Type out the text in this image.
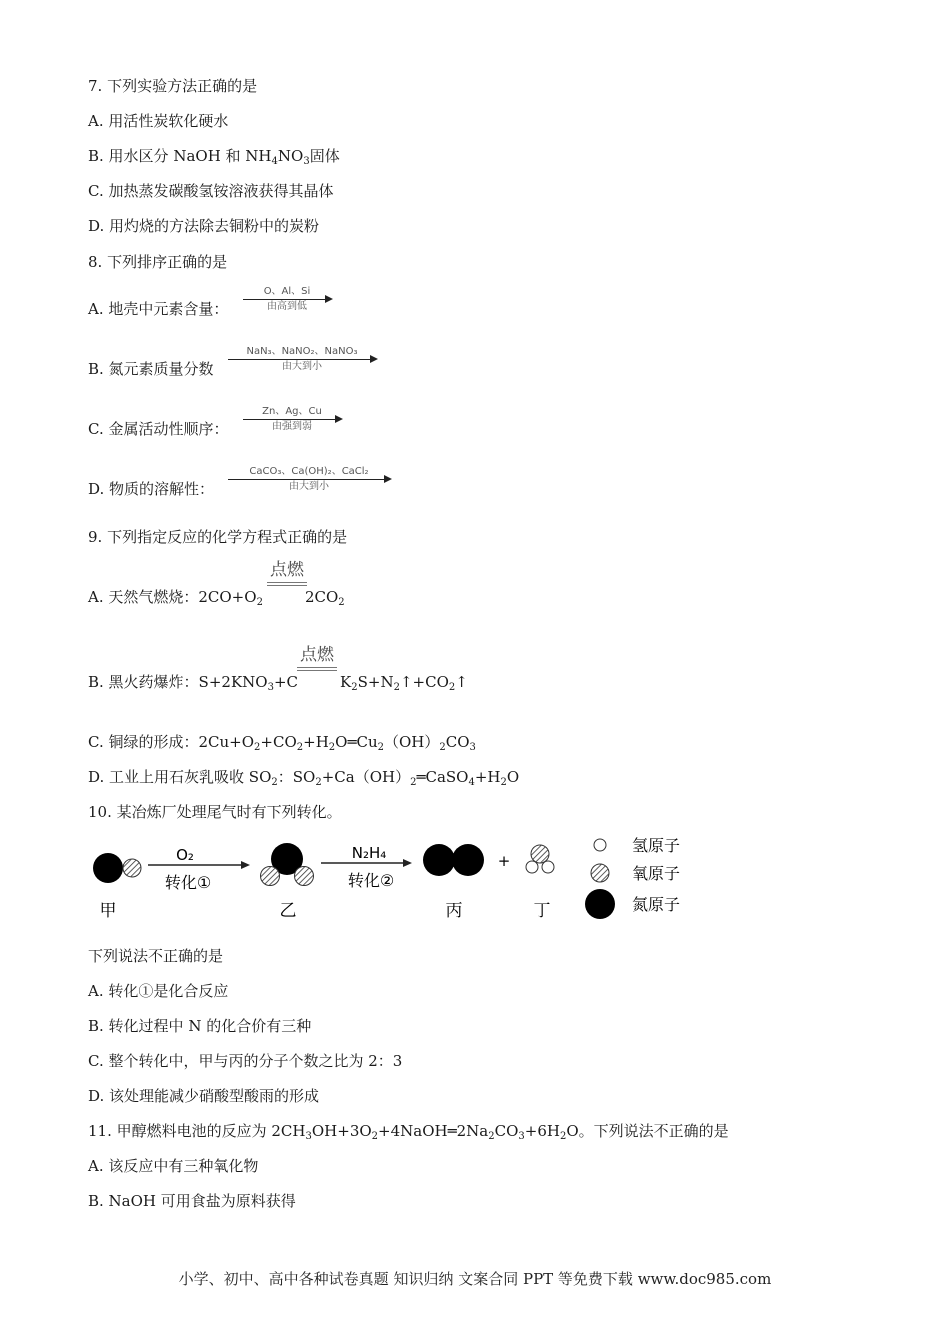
7. 下列实验方法正确的是
A. 用活性炭软化硬水
B. 用水区分 NaOH 和 $NH_4NO_3$固体
C. 加热蒸发碳酸氢铵溶液获得其晶体
D. 用灼烧的方法除去铜粉中的炭粉
8. 下列排序正确的是
A. 地壳中元素含量：
O、Al、Si
由高到低
B. 氮元素质量分数
NaN₃、NaNO₂、NaNO₃
由大到小
C. 金属活动性顺序：
Zn、Ag、Cu
由强到弱
D. 物质的溶解性：
CaCO₃、Ca(OH)₂、CaCl₂
由大到小
9. 下列指定反应的化学方程式正确的是
A. 天然气燃烧：$2CO+O_2$	$2CO_2$
点燃
B. 黑火药爆炸：$S+2KNO_3+C$	$K_2S+N_2↑+CO_2↑$
点燃
C. 铜绿的形成：$2Cu+O_2+CO_2+H_2O═Cu_2(OH)_2CO_3$
D. 工业上用石灰乳吸收 $SO_2$：$SO_2+Ca(OH)_2═CaSO_4+H_2O$
10. 某冶炼厂处理尾气时有下列转化。
甲
O₂
转化①
乙
N₂H₄
转化②
丙
+
丁
氢原子
氧原子
氮原子
下列说法不正确的是
A. 转化①是化合反应
B. 转化过程中 N 的化合价有三种
C. 整个转化中，甲与丙的分子个数之比为 2：3
D. 该处理能减少硝酸型酸雨的形成
11. 甲醇燃料电池的反应为 $2CH_3OH+3O_2+4NaOH═2Na_2CO_3+6H_2O$。下列说法不正确的是
A. 该反应中有三种氧化物
B. NaOH 可用食盐为原料获得
小学、初中、高中各种试卷真题 知识归纳 文案合同 PPT 等免费下载 www.doc985.com
